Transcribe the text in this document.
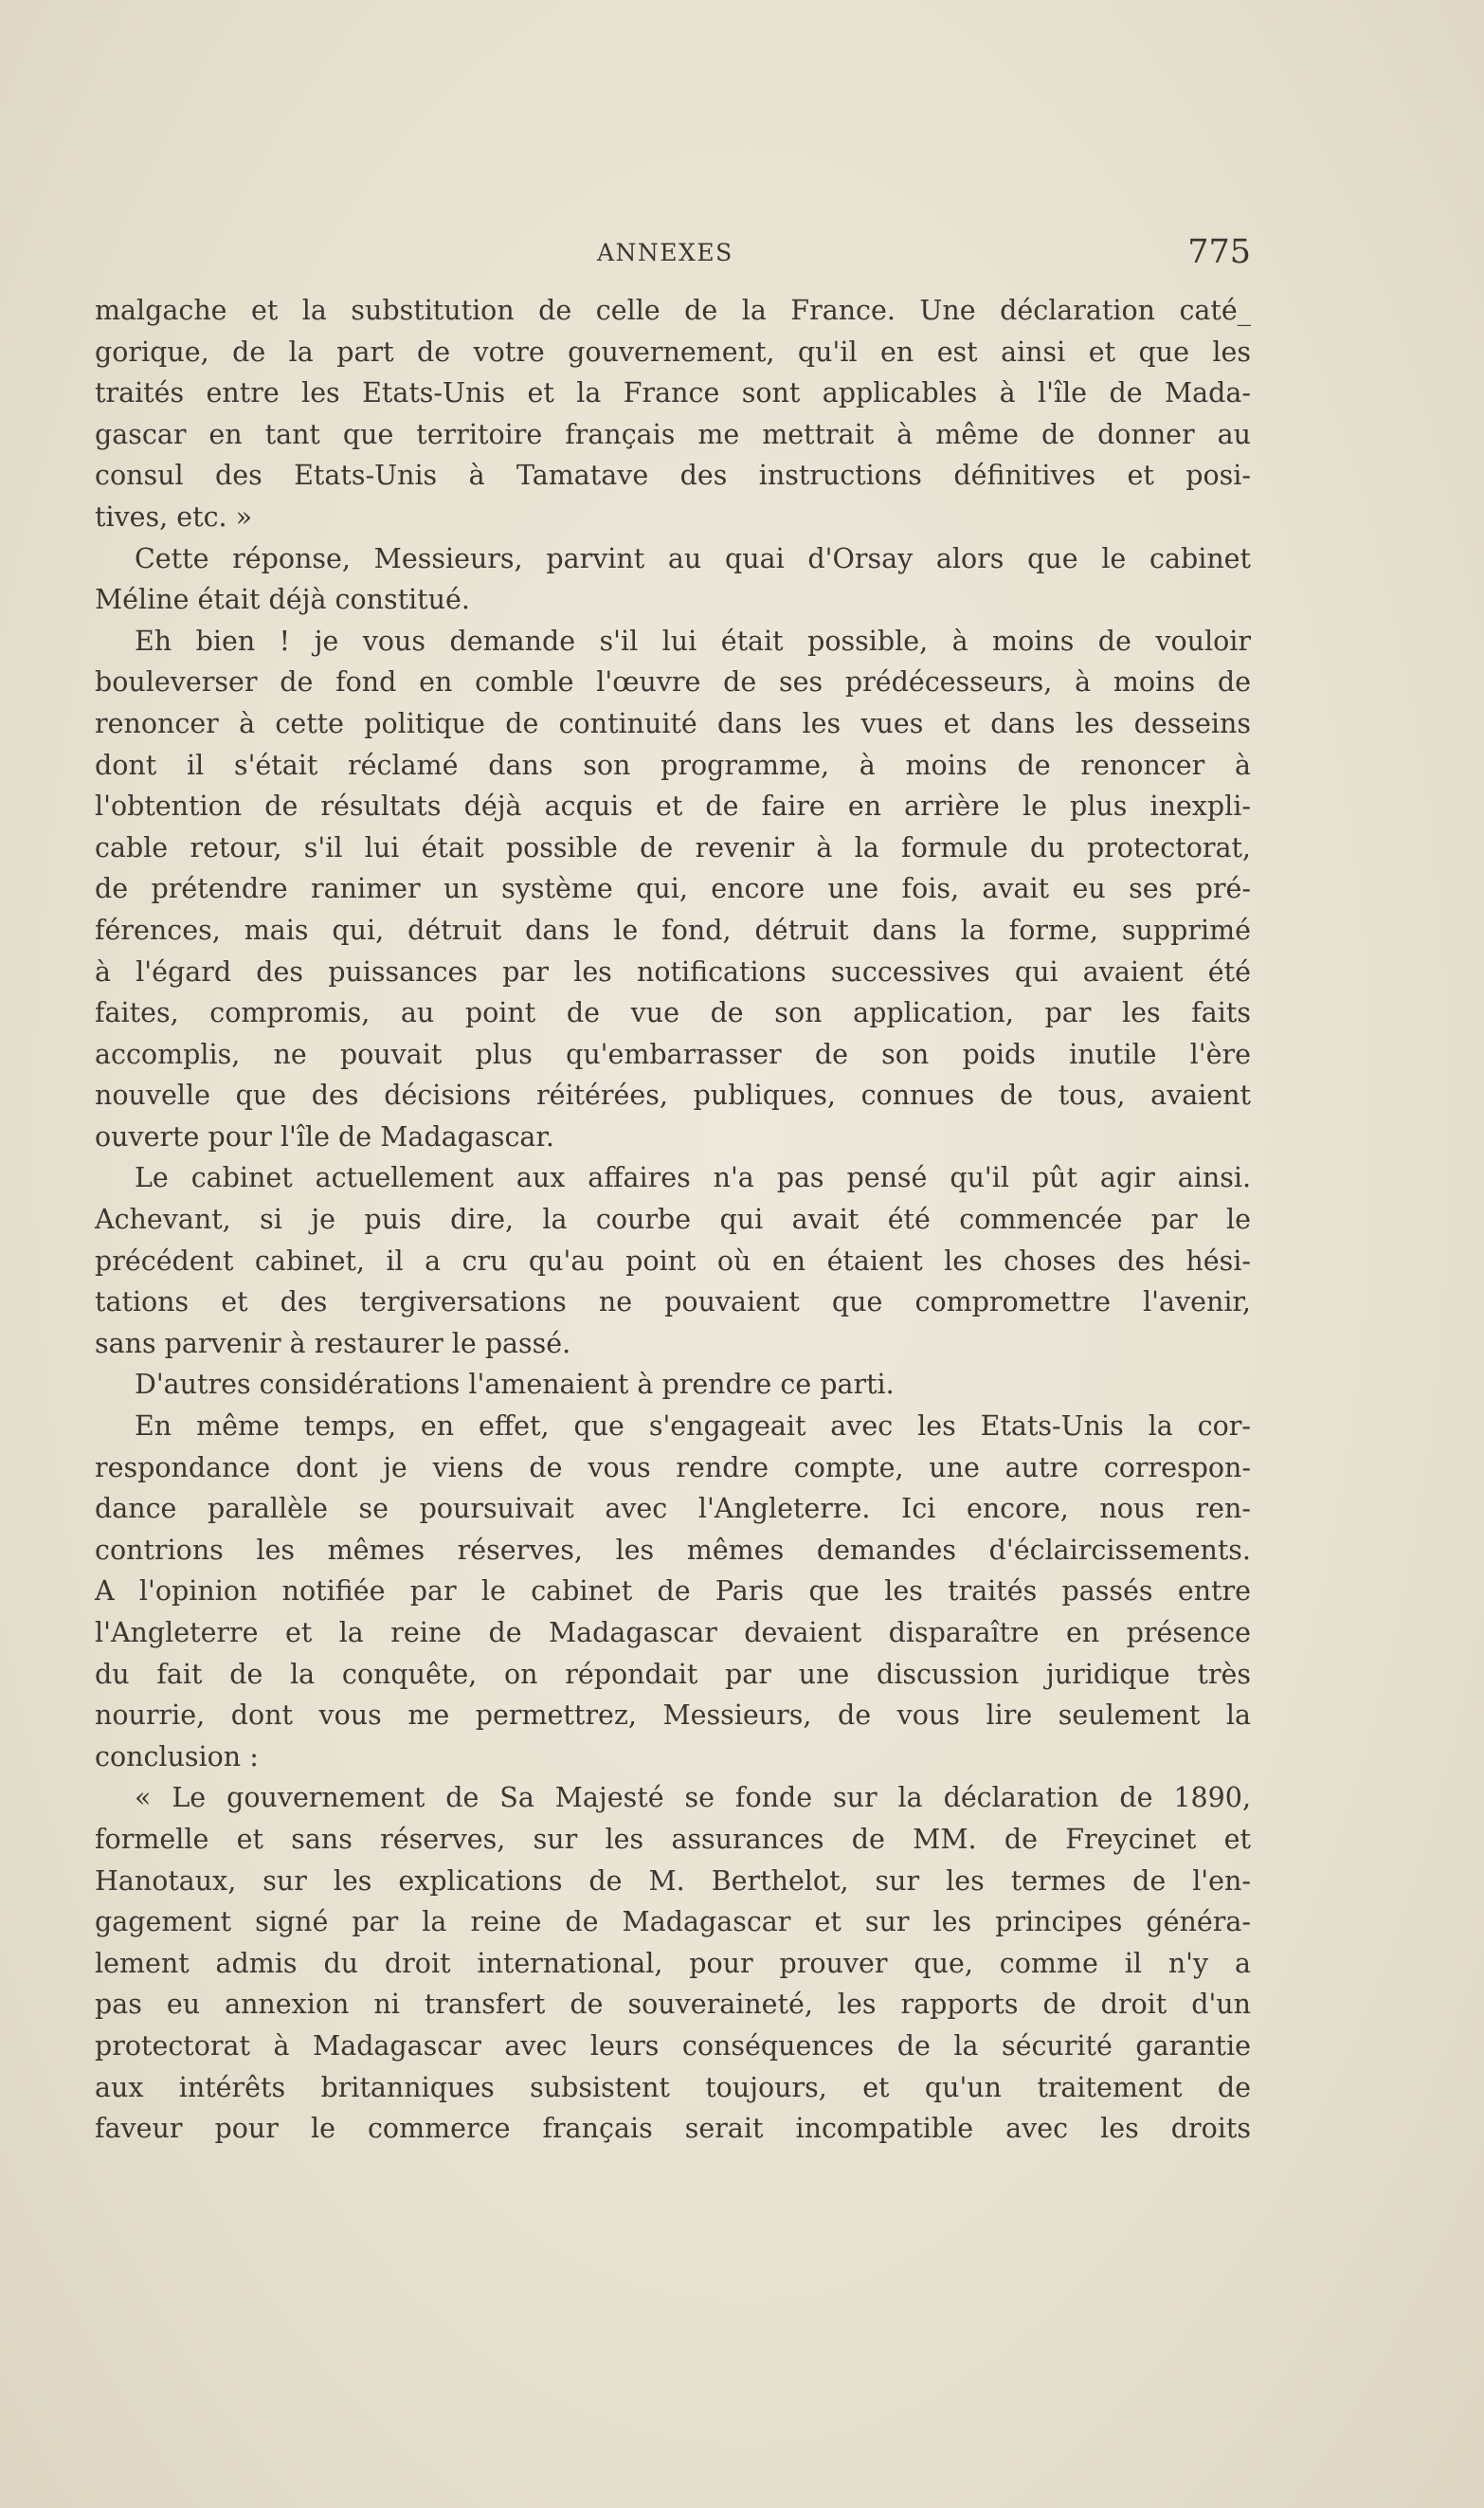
ANNEXES	775
malgache et la substitution de celle de la France. Une déclaration caté_
gorique, de la part de votre gouvernement, qu'il en est ainsi et que les
traités entre les Etats-Unis et la France sont applicables à l'île de Mada-
gascar en tant que territoire français me mettrait à même de donner au
consul des Etats-Unis à Tamatave des instructions définitives et posi-
tives, etc. »
Cette réponse, Messieurs, parvint au quai d'Orsay alors que le cabinet
Méline était déjà constitué.
Eh bien ! je vous demande s'il lui était possible, à moins de vouloir
bouleverser de fond en comble l'œuvre de ses prédécesseurs, à moins de
renoncer à cette politique de continuité dans les vues et dans les desseins
dont il s'était réclamé dans son programme, à moins de renoncer à
l'obtention de résultats déjà acquis et de faire en arrière le plus inexpli-
cable retour, s'il lui était possible de revenir à la formule du protectorat,
de prétendre ranimer un système qui, encore une fois, avait eu ses pré-
férences, mais qui, détruit dans le fond, détruit dans la forme, supprimé
à l'égard des puissances par les notifications successives qui avaient été
faites, compromis, au point de vue de son application, par les faits
accomplis, ne pouvait plus qu'embarrasser de son poids inutile l'ère
nouvelle que des décisions réitérées, publiques, connues de tous, avaient
ouverte pour l'île de Madagascar.
Le cabinet actuellement aux affaires n'a pas pensé qu'il pût agir ainsi.
Achevant, si je puis dire, la courbe qui avait été commencée par le
précédent cabinet, il a cru qu'au point où en étaient les choses des hési-
tations et des tergiversations ne pouvaient que compromettre l'avenir,
sans parvenir à restaurer le passé.
D'autres considérations l'amenaient à prendre ce parti.
En même temps, en effet, que s'engageait avec les Etats-Unis la cor-
respondance dont je viens de vous rendre compte, une autre correspon-
dance parallèle se poursuivait avec l'Angleterre. Ici encore, nous ren-
contrions les mêmes réserves, les mêmes demandes d'éclaircissements.
A l'opinion notifiée par le cabinet de Paris que les traités passés entre
l'Angleterre et la reine de Madagascar devaient disparaître en présence
du fait de la conquête, on répondait par une discussion juridique très
nourrie, dont vous me permettrez, Messieurs, de vous lire seulement la
conclusion :
« Le gouvernement de Sa Majesté se fonde sur la déclaration de 1890,
formelle et sans réserves, sur les assurances de MM. de Freycinet et
Hanotaux, sur les explications de M. Berthelot, sur les termes de l'en-
gagement signé par la reine de Madagascar et sur les principes généra-
lement admis du droit international, pour prouver que, comme il n'y a
pas eu annexion ni transfert de souveraineté, les rapports de droit d'un
protectorat à Madagascar avec leurs conséquences de la sécurité garantie
aux intérêts britanniques subsistent toujours, et qu'un traitement de
faveur pour le commerce français serait incompatible avec les droits
